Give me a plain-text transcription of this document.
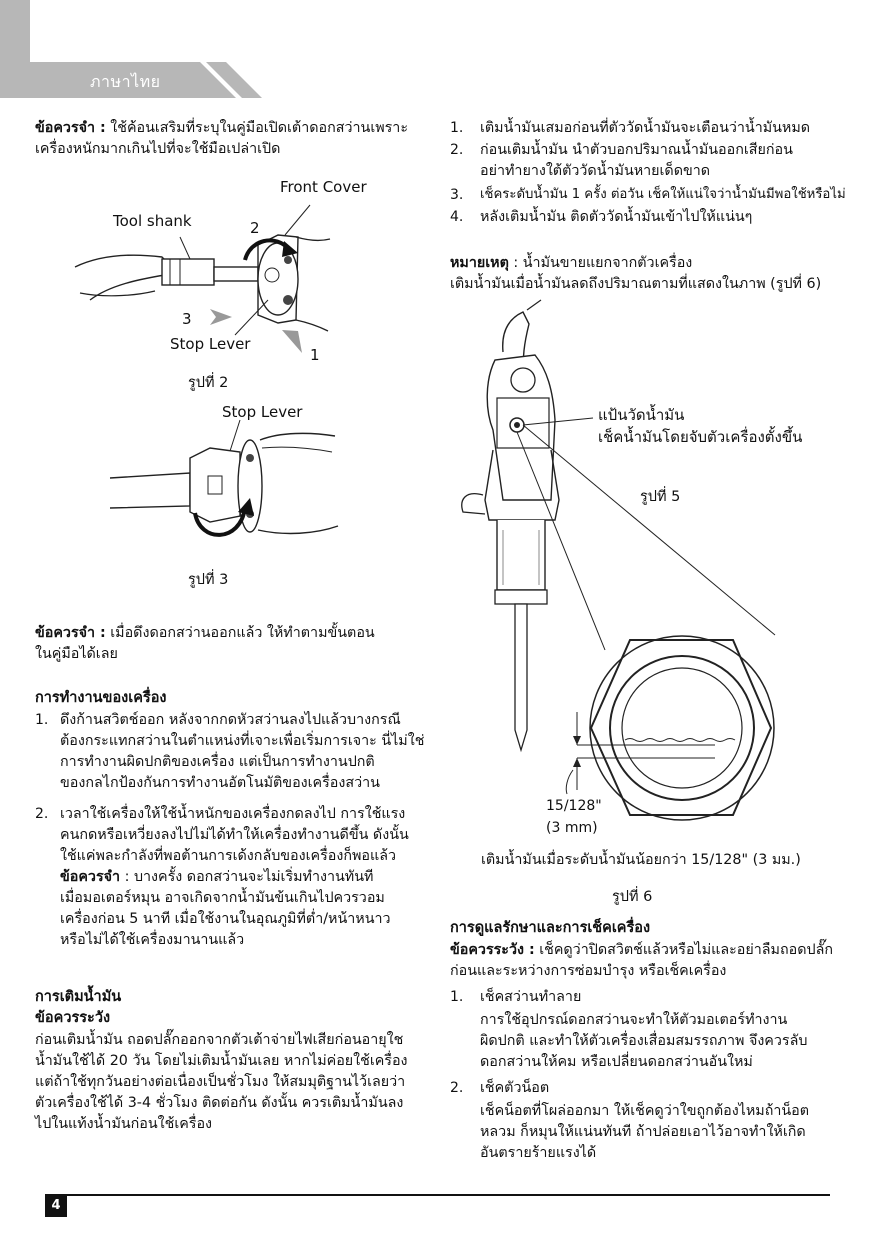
ภาษาไทย
ข้อควรจำ : ใช้ค้อนเสริมที่ระบุในคู่มือเปิดเต้าดอกสว่านเพราะ
เครื่องหนักมากเกินไปที่จะใช้มือเปล่าเปิด
Front Cover
Tool shank	2
3
Stop Lever
1
รูปที่ 2
Stop Lever
รูปที่ 3
ข้อควรจำ : เมื่อดึงดอกสว่านออกแล้ว ให้ทำตามขั้นตอน
ในคู่มือได้เลย
การทำงานของเครื่อง
1. ดึงก้านสวิตช์ออก หลังจากกดหัวสว่านลงไปแล้วบางกรณี
ต้องกระแทกสว่านในตำแหน่งที่เจาะเพื่อเริ่มการเจาะ นี่ไม่ใช่
การทำงานผิดปกติของเครื่อง แต่เป็นการทำงานปกติ
ของกลไกป้องกันการทำงานอัตโนมัติของเครื่องสว่าน
2. เวลาใช้เครื่องให้ใช้น้ำหนักของเครื่องกดลงไป การใช้แรง
คนกดหรือเหวี่ยงลงไปไม่ได้ทำให้เครื่องทำงานดีขึ้น ดังนั้น
ใช้แค่พละกำลังที่พอต้านการเด้งกลับของเครื่องก็พอแล้ว
ข้อควรจำ : บางครั้ง ดอกสว่านจะไม่เริ่มทำงานทันที
เมื่อมอเตอร์หมุน อาจเกิดจากน้ำมันข้นเกินไปควรวอม
เครื่องก่อน 5 นาที เมื่อใช้งานในอุณภูมิที่ต่ำ/หน้าหนาว
หรือไม่ได้ใช้เครื่องมานานแล้ว
การเติมน้ำมัน
ข้อควรระวัง
ก่อนเติมน้ำมัน ถอดปลั๊กออกจากตัวเต้าจ่ายไฟเสียก่อนอายุใช
น้ำมันใช้ได้ 20 วัน โดยไม่เติมน้ำมันเลย หากไม่ค่อยใช้เครื่อง
แต่ถ้าใช้ทุกวันอย่างต่อเนื่องเป็นชั่วโมง ให้สมมุติฐานไว้เลยว่า
ตัวเครื่องใช้ได้ 3-4 ชั่วโมง ติดต่อกัน ดังนั้น ควรเติมน้ำมันลง
ไปในแท้งน้ำมันก่อนใช้เครื่อง
1. เติมน้ำมันเสมอก่อนที่ตัววัดน้ำมันจะเตือนว่าน้ำมันหมด
2. ก่อนเติมน้ำมัน นำตัวบอกปริมาณน้ำมันออกเสียก่อน
อย่าทำยางใต้ตัววัดน้ำมันหายเด็ดขาด
3. เช็คระดับน้ำมัน 1 ครั้ง ต่อวัน เช็คให้แน่ใจว่าน้ำมันมีพอใช้หรือไม่
4. หลังเติมน้ำมัน ติดตัววัดน้ำมันเข้าไปให้แน่นๆ
หมายเหตุ : น้ำมันขายแยกจากตัวเครื่อง
เติมน้ำมันเมื่อน้ำมันลดถึงปริมาณตามที่แสดงในภาพ (รูปที่ 6)
แป้นวัดน้ำมัน
เช็คน้ำมันโดยจับตัวเครื่องตั้งขึ้น
รูปที่ 5
15/128"
(3 mm)
เติมน้ำมันเมื่อระดับน้ำมันน้อยกว่า 15/128" (3 มม.)
รูปที่ 6
การดูแลรักษาและการเช็คเครื่อง
ข้อควรระวัง : เช็คดูว่าปิดสวิตช์แล้วหรือไม่และอย่าลืมถอดปลั๊ก
ก่อนและระหว่างการซ่อมบำรุง หรือเช็คเครื่อง
1. เช็คสว่านทำลาย
การใช้อุปกรณ์ดอกสว่านจะทำให้ตัวมอเตอร์ทำงาน
ผิดปกติ และทำให้ตัวเครื่องเสื่อมสมรรถภาพ จึงควรลับ
ดอกสว่านให้คม หรือเปลี่ยนดอกสว่านอันใหม่
2. เช็คตัวน็อต
เช็คน็อตที่โผล่ออกมา ให้เช็คดูว่าใขถูกต้องไหมถ้าน็อต
หลวม ก็หมุนให้แน่นทันที ถ้าปล่อยเอาไว้อาจทำให้เกิด
อันตรายร้ายแรงได้
4
